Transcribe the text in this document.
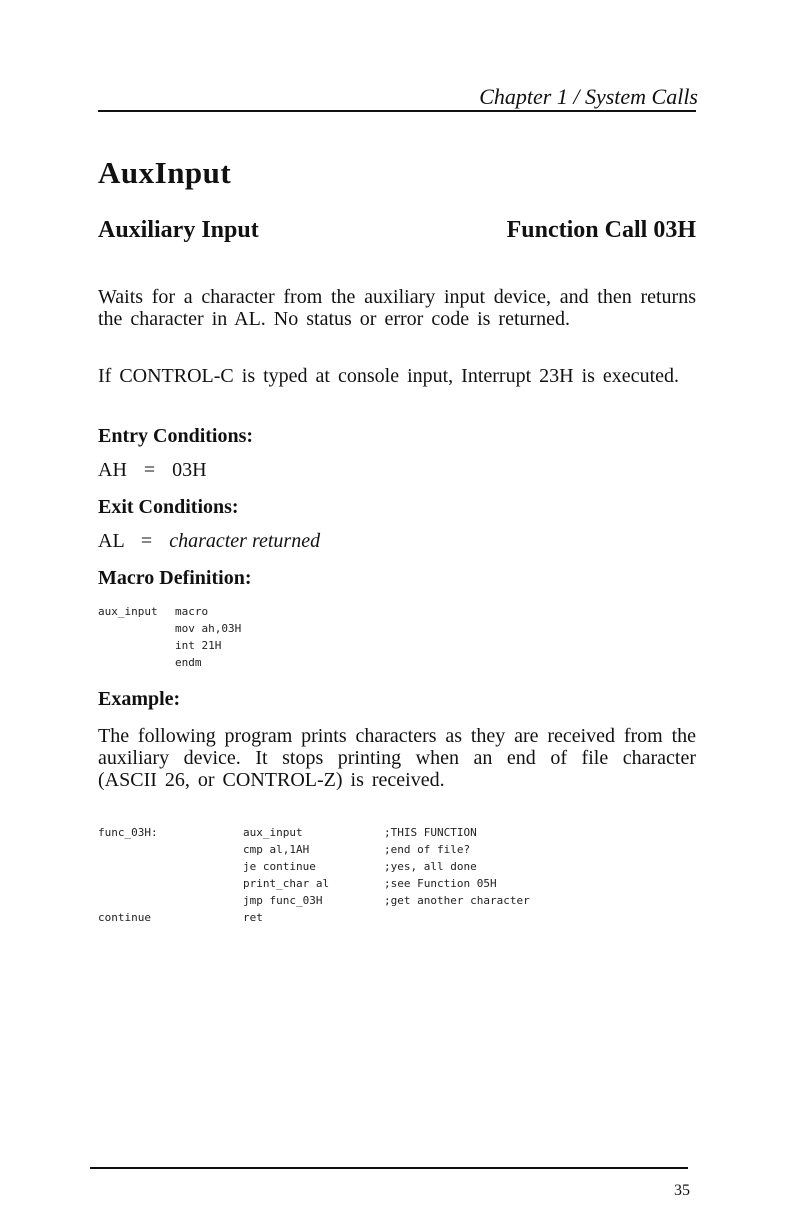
Chapter 1 / System Calls
AuxInput
Auxiliary Input	Function Call 03H
Waits for a character from the auxiliary input device, and then returns the character in AL. No status or error code is returned.
If CONTROL-C is typed at console input, Interrupt 23H is executed.
Entry Conditions:
AH = 03H
Exit Conditions:
AL = character returned
Macro Definition:
aux_input macro
mov ah,03H
int 21H
endm
Example:
The following program prints characters as they are received from the auxiliary device. It stops printing when an end of file character (ASCII 26, or CONTROL-Z) is received.
func_03H:
continue
aux_input
cmp al,1AH
je continue
print_char al
jmp func_03H
ret
;THIS FUNCTION
;end of file?
;yes, all done
;see Function 05H
;get another character
35
